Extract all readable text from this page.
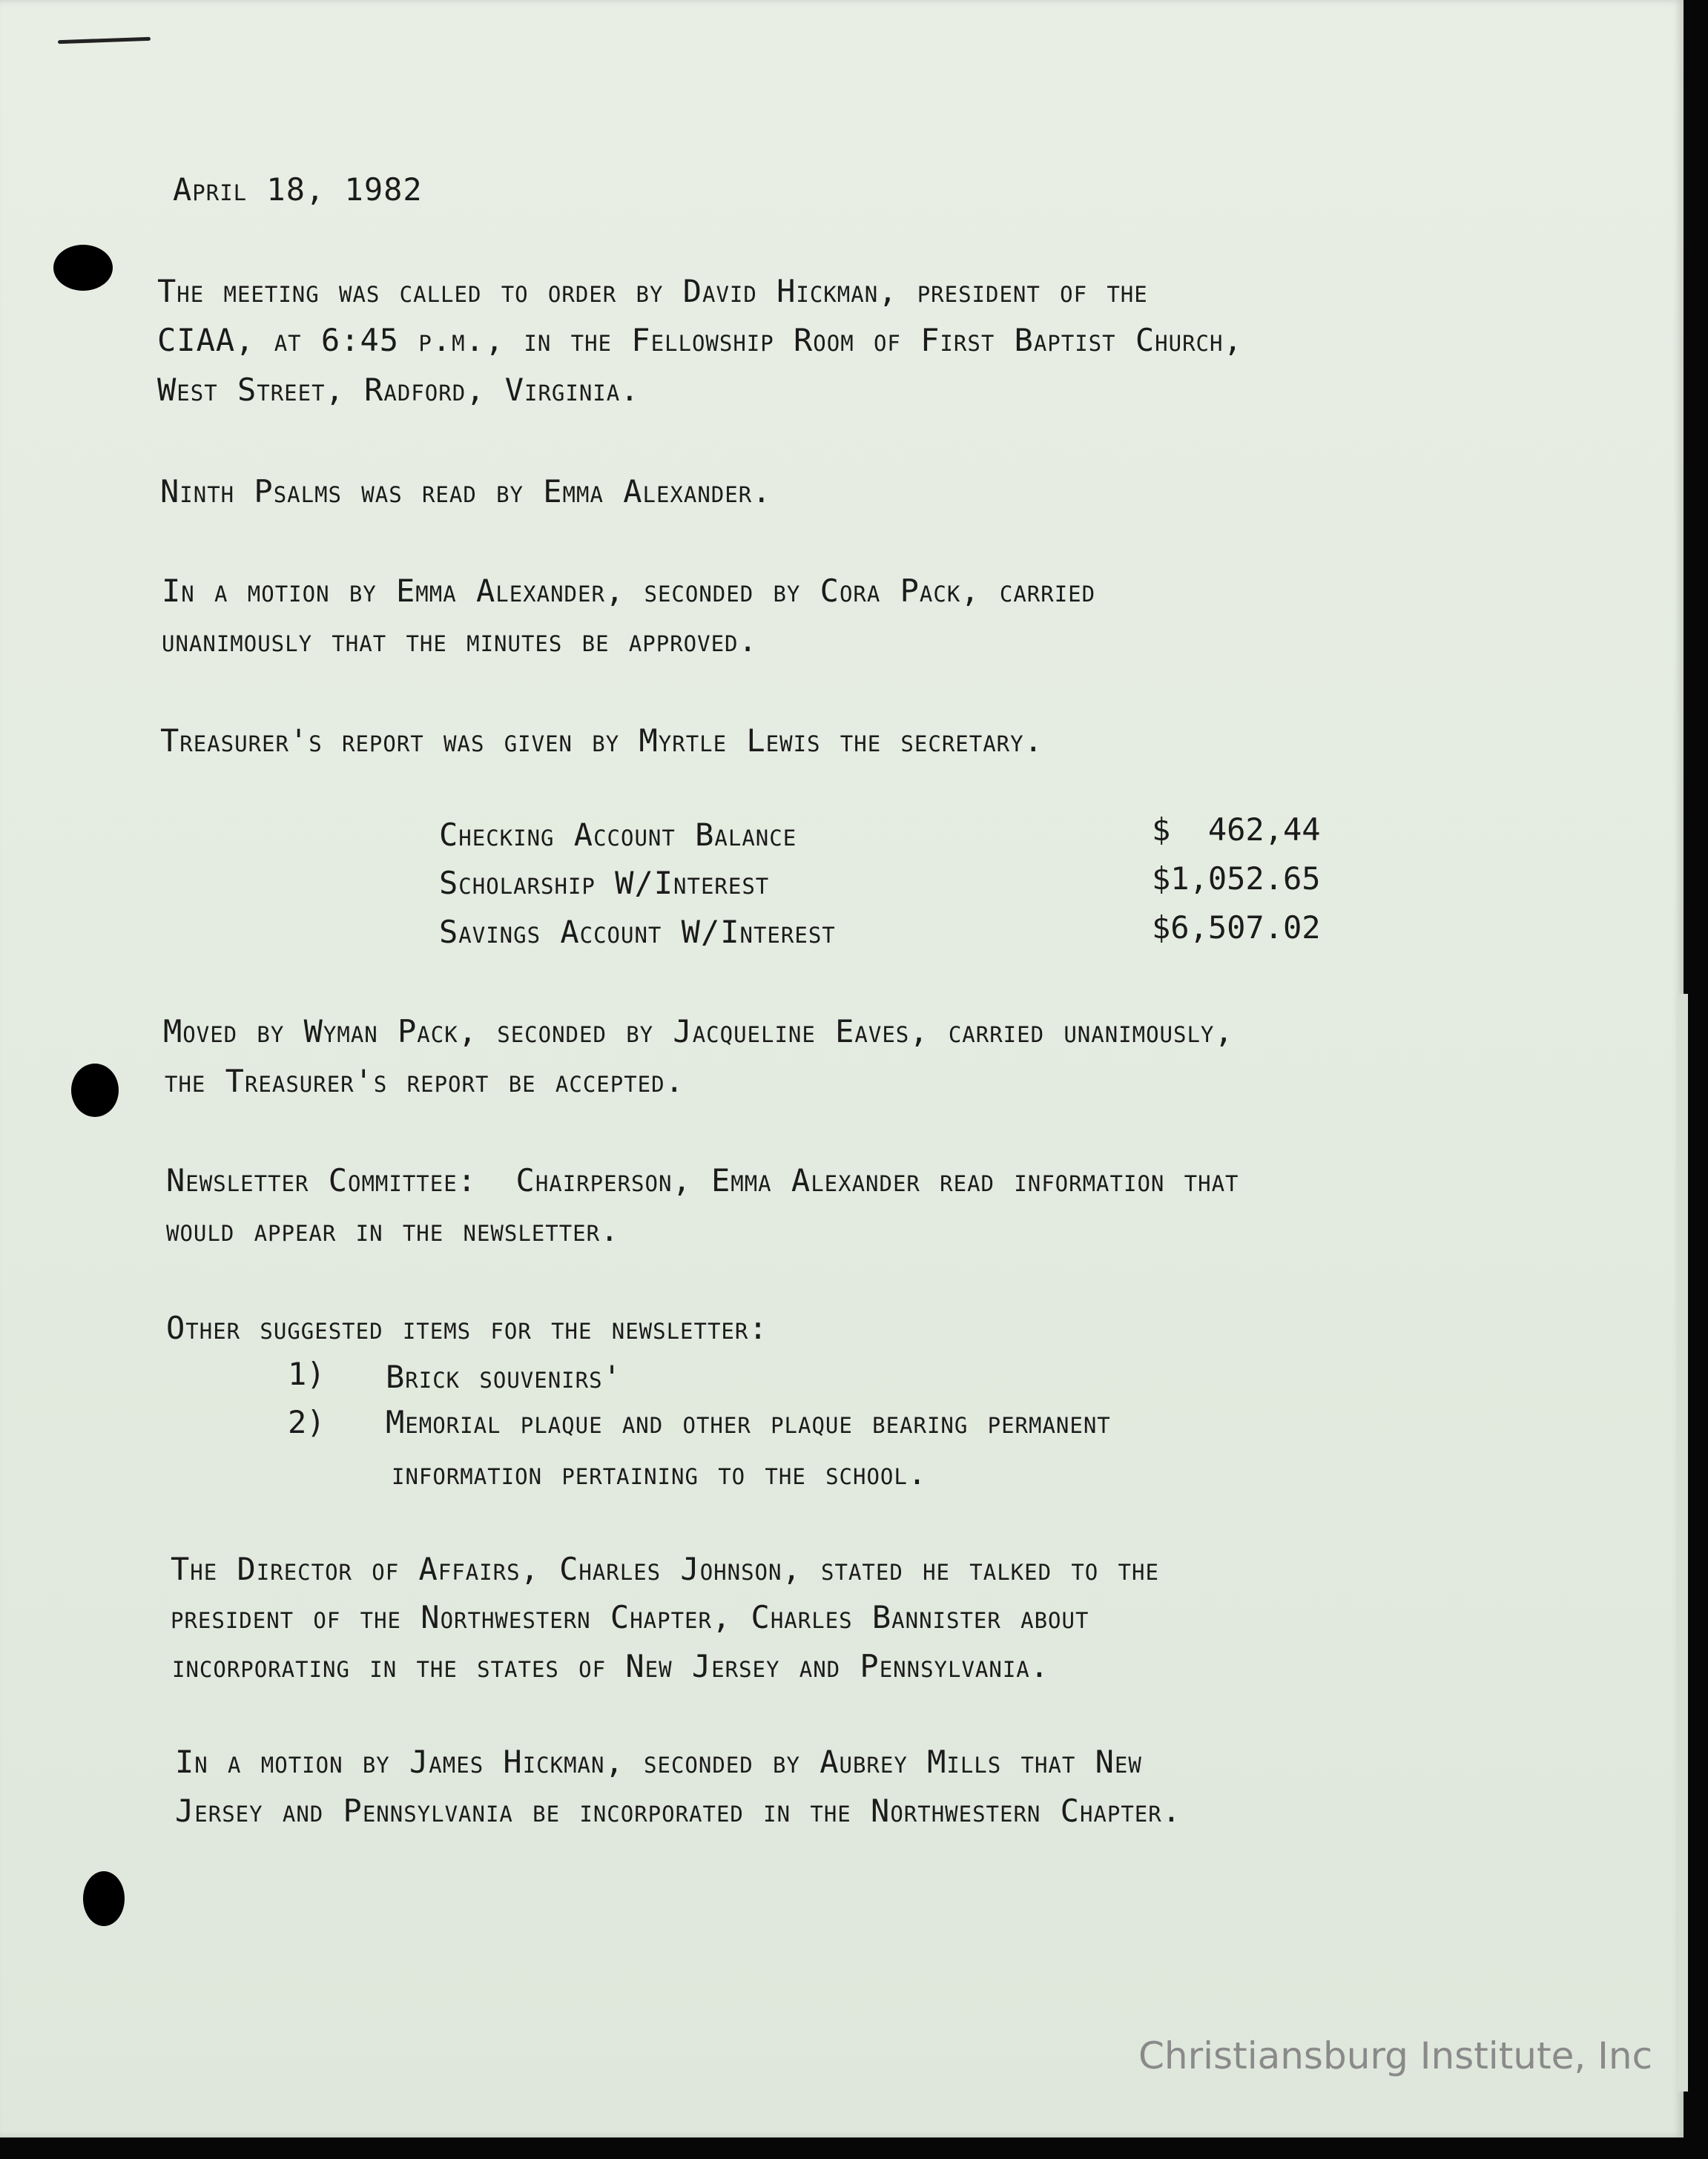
April 18, 1982
The meeting was called to order by David Hickman, president of the
CIAA, at 6:45 p.m., in the Fellowship Room of First Baptist Church,
West Street, Radford, Virginia.
Ninth Psalms was read by Emma Alexander.
In a motion by Emma Alexander, seconded by Cora Pack, carried
unanimously that the minutes be approved.
Treasurer's report was given by Myrtle Lewis the secretary.
Checking Account Balance	$  462,44
Scholarship W/Interest	$1,052.65
Savings Account W/Interest	$6,507.02
Moved by Wyman Pack, seconded by Jacqueline Eaves, carried unanimously,
the Treasurer's report be accepted.
Newsletter Committee:  Chairperson, Emma Alexander read information that
would appear in the newsletter.
Other suggested items for the newsletter:
1) Brick souvenirs'
2) Memorial plaque and other plaque bearing permanent
information pertaining to the school.
The Director of Affairs, Charles Johnson, stated he talked to the
president of the Northwestern Chapter, Charles Bannister about
incorporating in the states of New Jersey and Pennsylvania.
In a motion by James Hickman, seconded by Aubrey Mills that New
Jersey and Pennsylvania be incorporated in the Northwestern Chapter.
Christiansburg Institute, Inc
